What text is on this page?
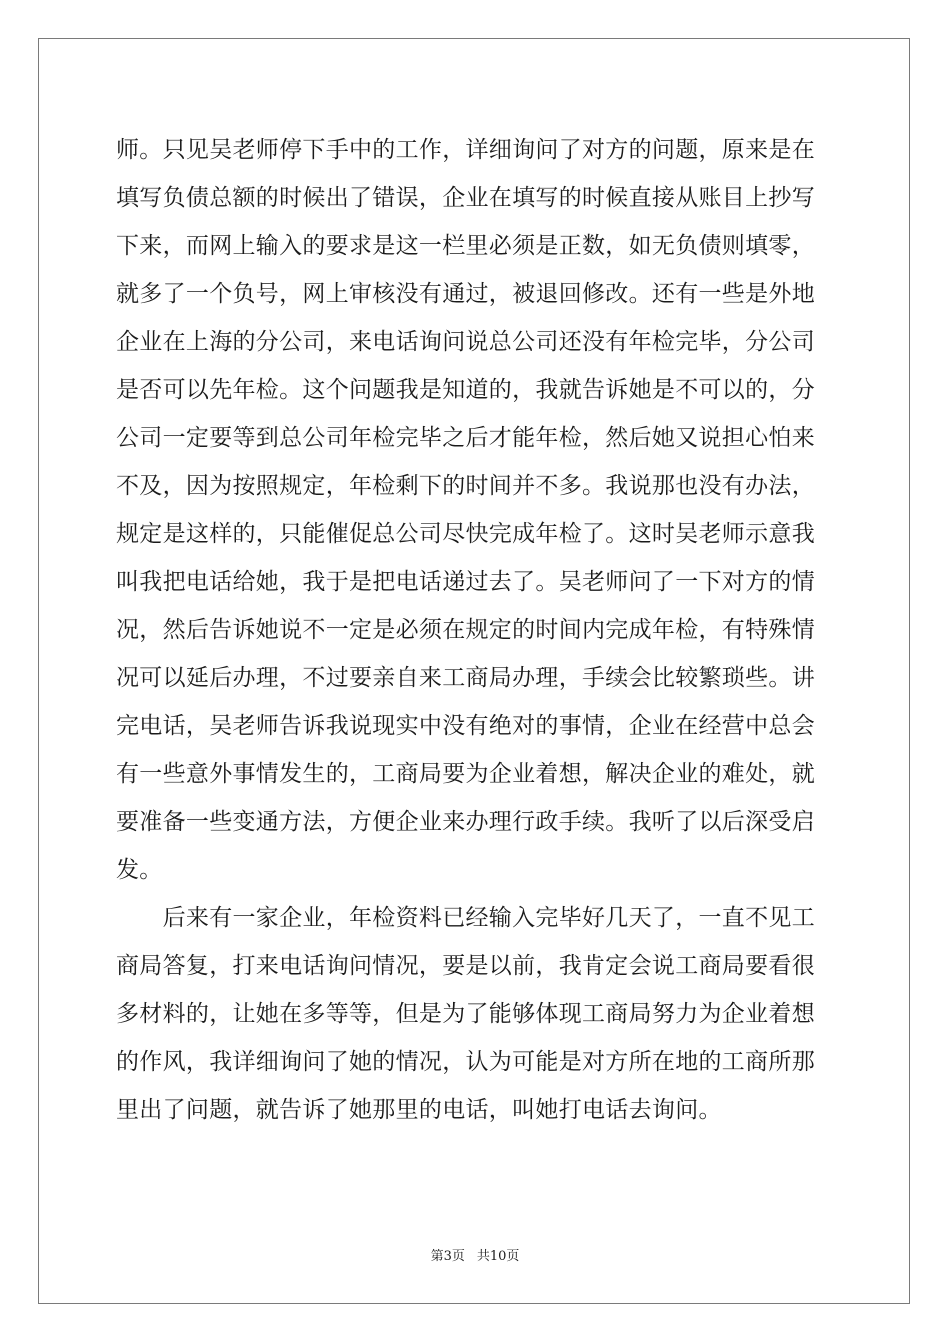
师。只见吴老师停下手中的工作，详细询问了对方的问题，原来是在
填写负债总额的时候出了错误，企业在填写的时候直接从账目上抄写
下来，而网上输入的要求是这一栏里必须是正数，如无负债则填零，
就多了一个负号，网上审核没有通过，被退回修改。还有一些是外地
企业在上海的分公司，来电话询问说总公司还没有年检完毕，分公司
是否可以先年检。这个问题我是知道的，我就告诉她是不可以的，分
公司一定要等到总公司年检完毕之后才能年检，然后她又说担心怕来
不及，因为按照规定，年检剩下的时间并不多。我说那也没有办法，
规定是这样的，只能催促总公司尽快完成年检了。这时吴老师示意我
叫我把电话给她，我于是把电话递过去了。吴老师问了一下对方的情
况，然后告诉她说不一定是必须在规定的时间内完成年检，有特殊情
况可以延后办理，不过要亲自来工商局办理，手续会比较繁琐些。讲
完电话，吴老师告诉我说现实中没有绝对的事情，企业在经营中总会
有一些意外事情发生的，工商局要为企业着想，解决企业的难处，就
要准备一些变通方法，方便企业来办理行政手续。我听了以后深受启
发。
　　后来有一家企业，年检资料已经输入完毕好几天了，一直不见工
商局答复，打来电话询问情况，要是以前，我肯定会说工商局要看很
多材料的，让她在多等等，但是为了能够体现工商局努力为企业着想
的作风，我详细询问了她的情况，认为可能是对方所在地的工商所那
里出了问题，就告诉了她那里的电话，叫她打电话去询问。
第3页 共10页
